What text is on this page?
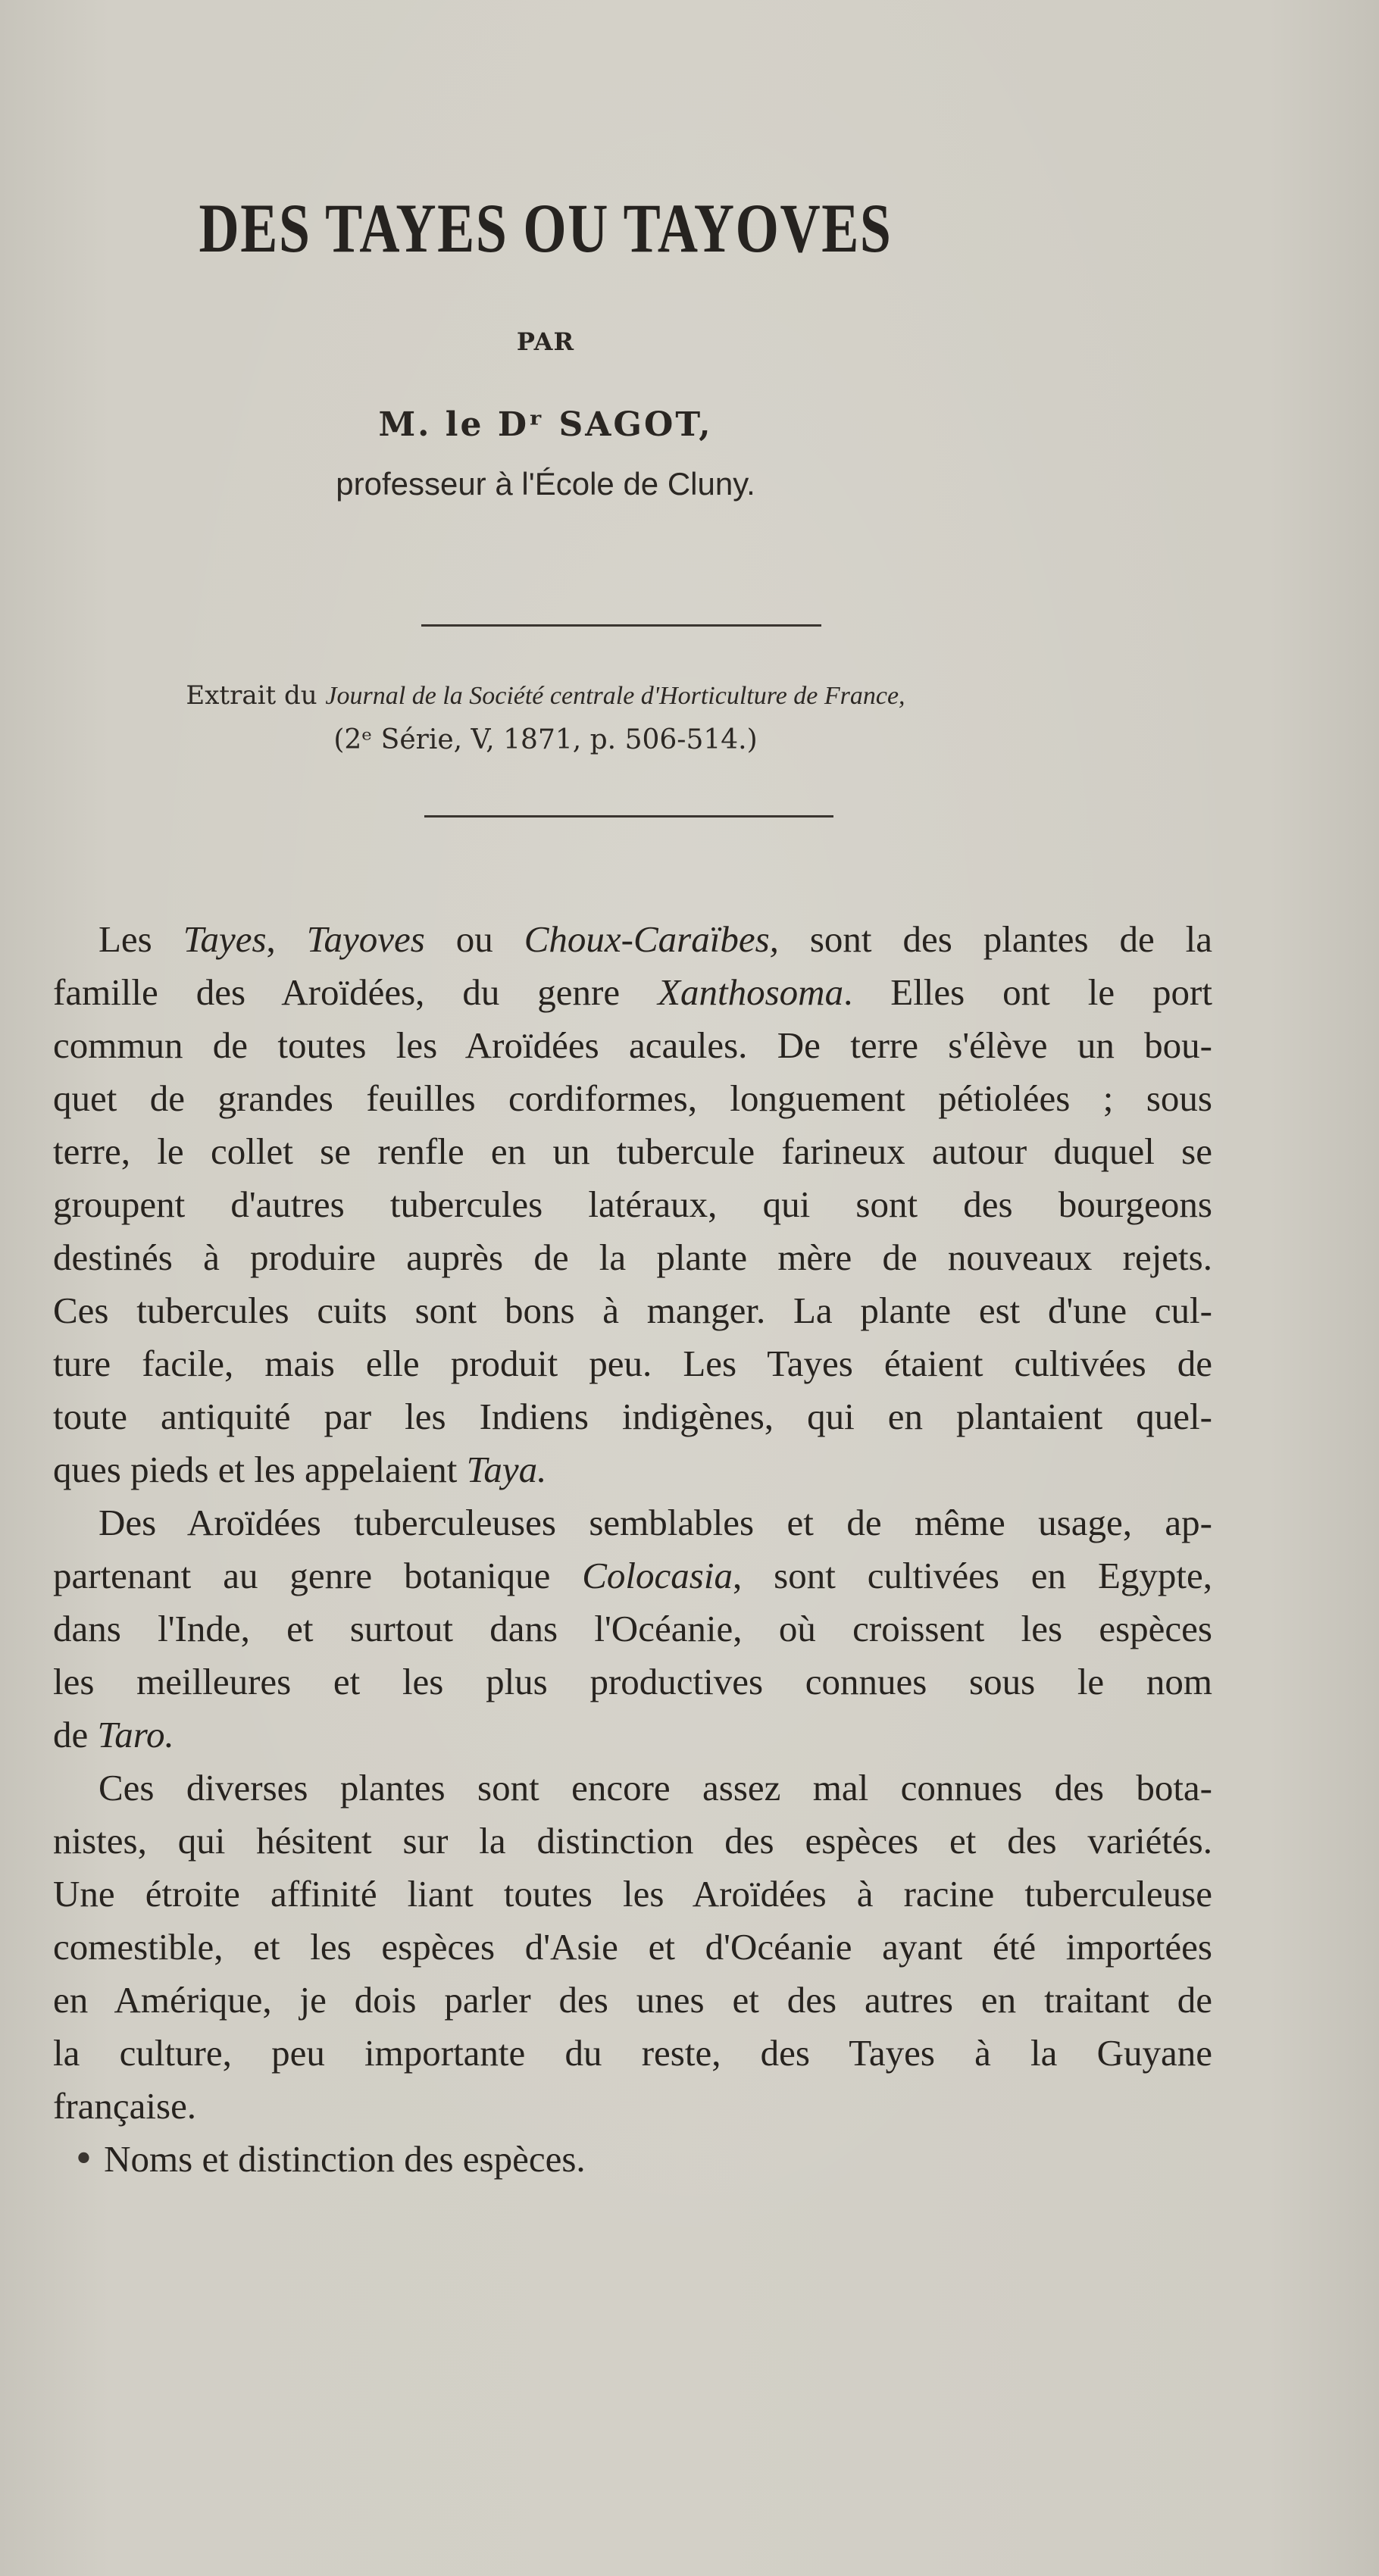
DES TAYES OU TAYOVES
PAR
M. le Dʳ SAGOT,
professeur à l'École de Cluny.
Extrait du Journal de la Société centrale d'Horticulture de France,
(2ᵉ Série, V, 1871, p. 506-514.)
Les Tayes, Tayoves ou Choux-Caraïbes, sont des plantes de la
famille des Aroïdées, du genre Xanthosoma. Elles ont le port
commun de toutes les Aroïdées acaules. De terre s'élève un bou-
quet de grandes feuilles cordiformes, longuement pétiolées ; sous
terre, le collet se renfle en un tubercule farineux autour duquel se
groupent d'autres tubercules latéraux, qui sont des bourgeons
destinés à produire auprès de la plante mère de nouveaux rejets.
Ces tubercules cuits sont bons à manger. La plante est d'une cul-
ture facile, mais elle produit peu. Les Tayes étaient cultivées de
toute antiquité par les Indiens indigènes, qui en plantaient quel-
ques pieds et les appelaient Taya.
Des Aroïdées tuberculeuses semblables et de même usage, ap-
partenant au genre botanique Colocasia, sont cultivées en Egypte,
dans l'Inde, et surtout dans l'Océanie, où croissent les espèces
les meilleures et les plus productives connues sous le nom
de Taro.
Ces diverses plantes sont encore assez mal connues des bota-
nistes, qui hésitent sur la distinction des espèces et des variétés.
Une étroite affinité liant toutes les Aroïdées à racine tuberculeuse
comestible, et les espèces d'Asie et d'Océanie ayant été importées
en Amérique, je dois parler des unes et des autres en traitant de
la culture, peu importante du reste, des Tayes à la Guyane
française.
• Noms et distinction des espèces.
